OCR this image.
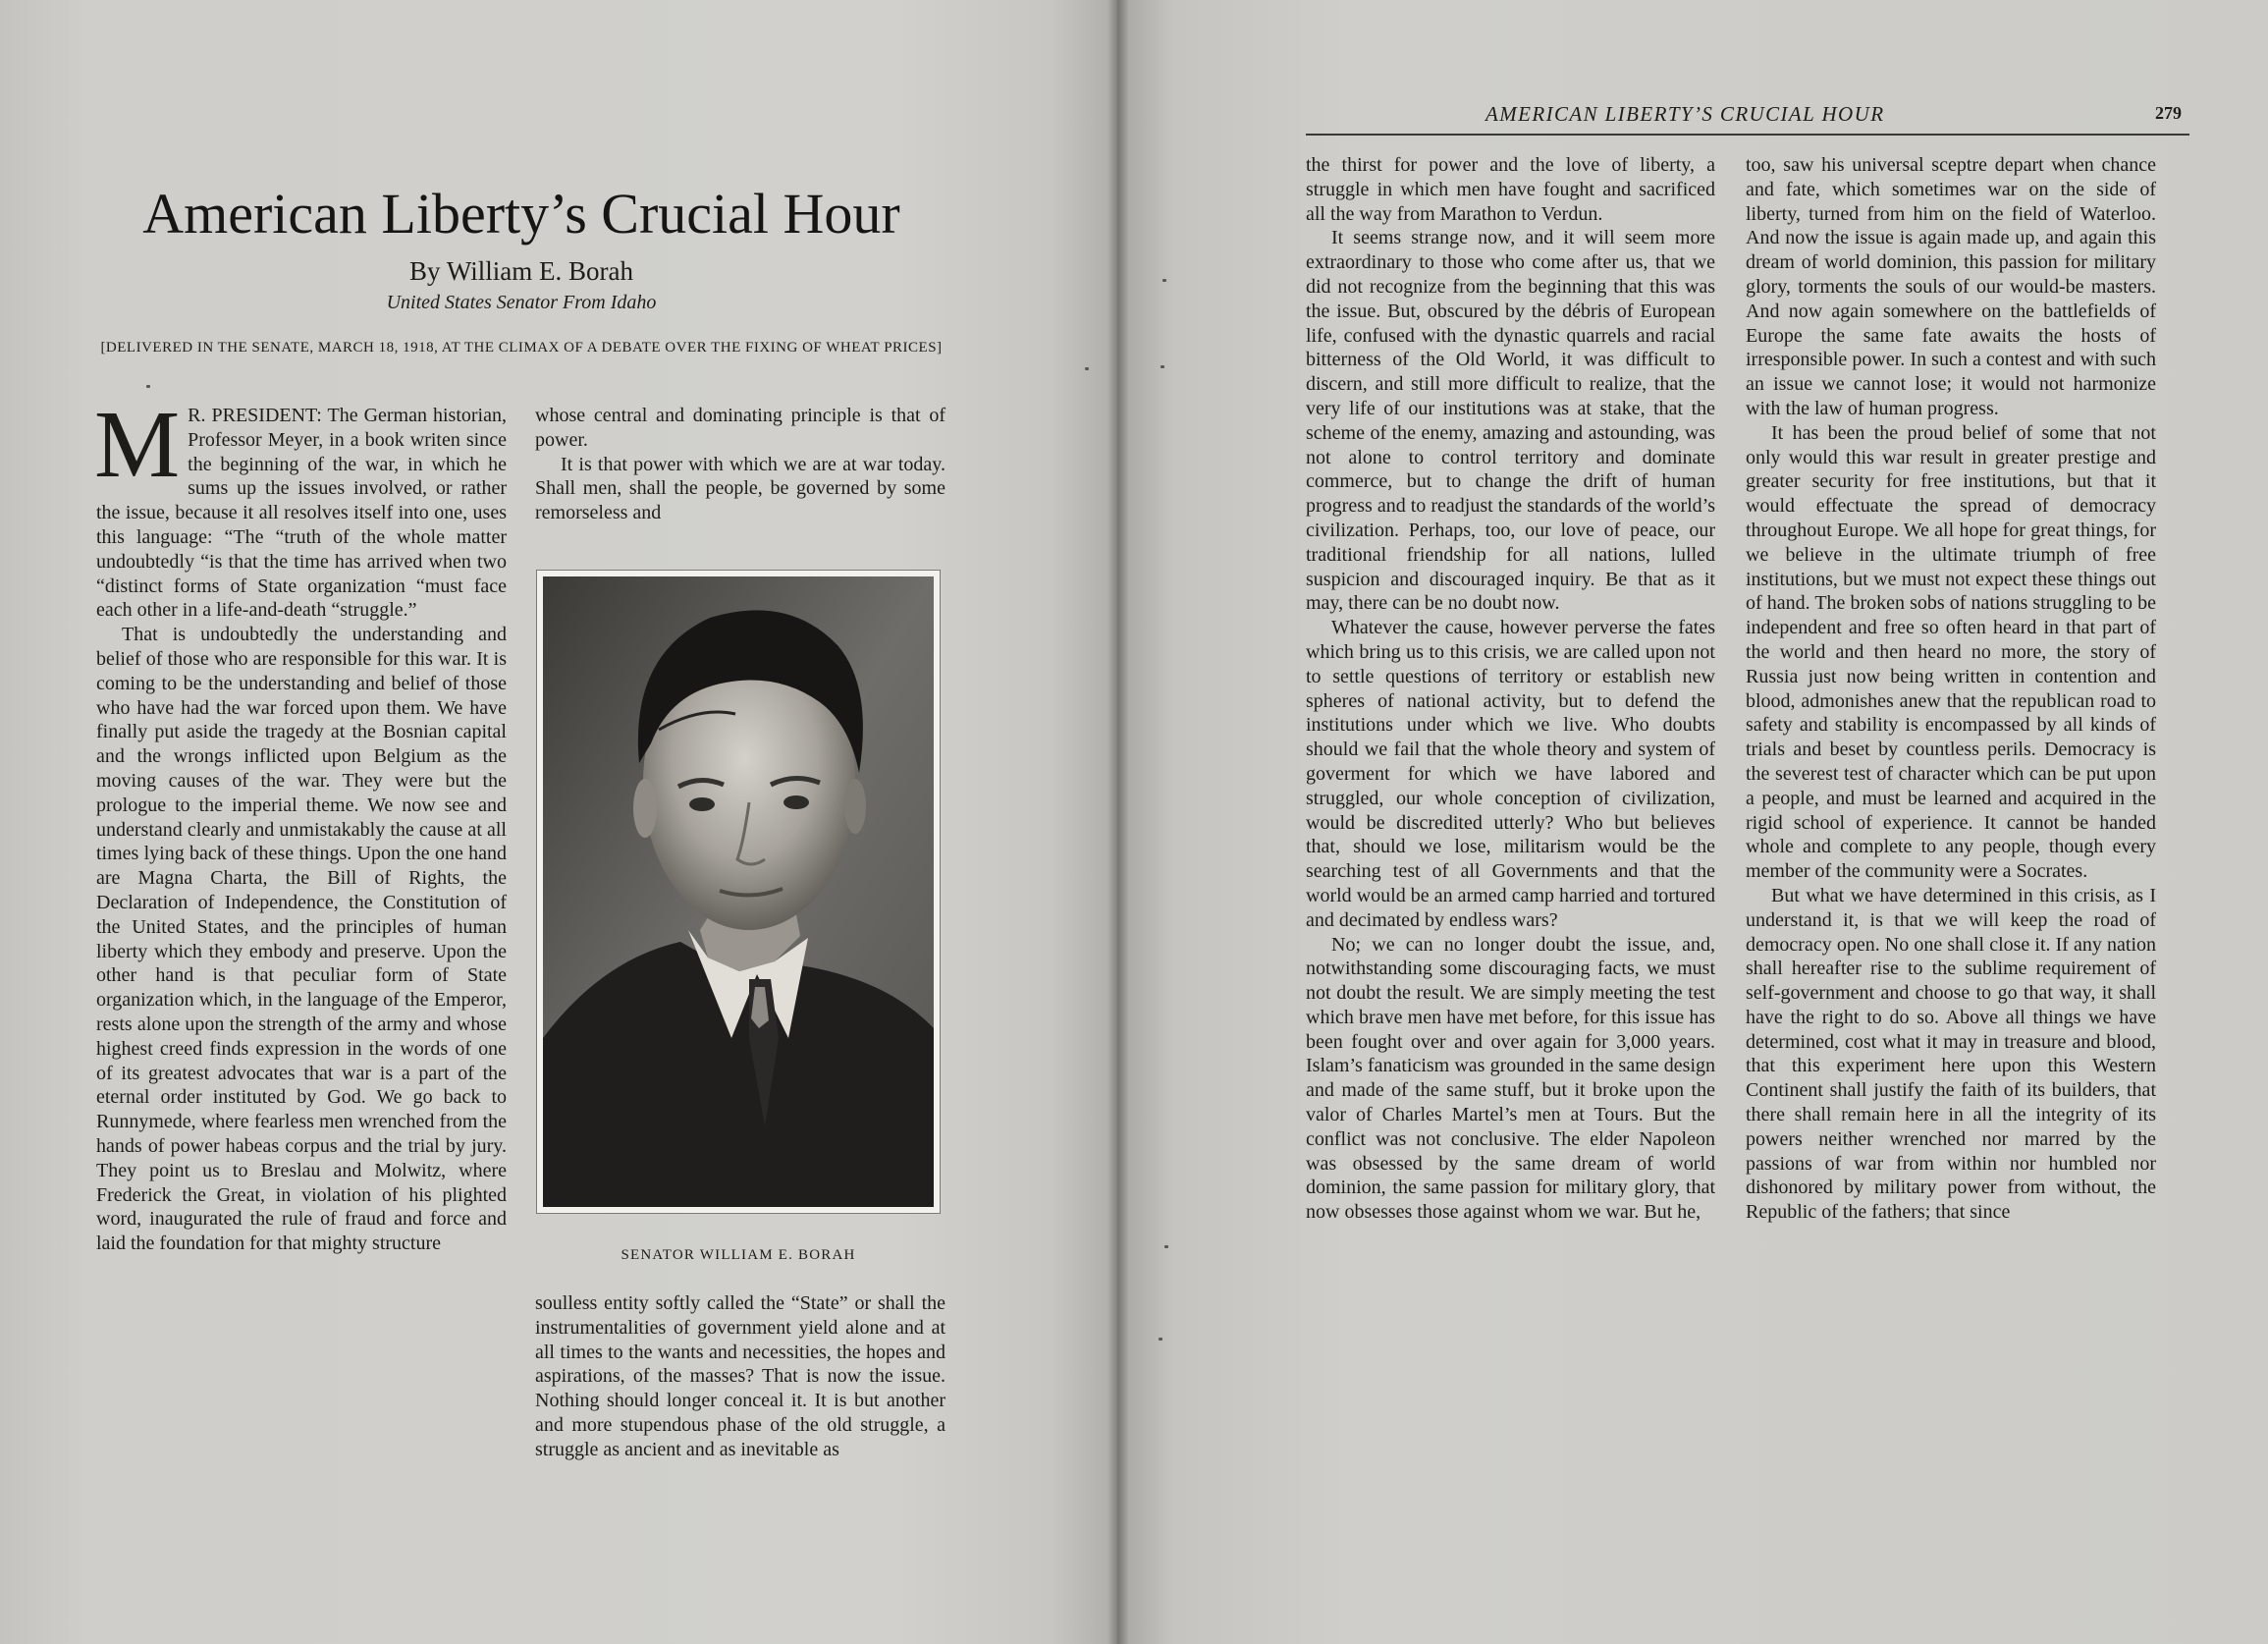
American Liberty’s Crucial Hour
By William E. Borah
United States Senator From Idaho
[DELIVERED IN THE SENATE, MARCH 18, 1918, AT THE CLIMAX OF A DEBATE OVER THE FIXING OF WHEAT PRICES]

M R. PRESIDENT: The German historian, Professor Meyer, in a book writen since the beginning of the war, in which he sums up the issues involved, or rather the issue, because it all resolves itself into one, uses this language: “The “truth of the whole matter undoubtedly “is that the time has arrived when two “distinct forms of State organization “must face each other in a life-and-death “struggle.”

That is undoubtedly the understanding and belief of those who are responsible for this war. It is coming to be the understanding and belief of those who have had the war forced upon them. We have finally put aside the tragedy at the Bosnian capital and the wrongs inflicted upon Belgium as the moving causes of the war. They were but the prologue to the imperial theme. We now see and understand clearly and unmistakably the cause at all times lying back of these things. Upon the one hand are Magna Charta, the Bill of Rights, the Declaration of Independence, the Constitution of the United States, and the principles of human liberty which they embody and preserve. Upon the other hand is that peculiar form of State organization which, in the language of the Emperor, rests alone upon the strength of the army and whose highest creed finds expression in the words of one of its greatest advocates that war is a part of the eternal order instituted by God. We go back to Runnymede, where fearless men wrenched from the hands of power habeas corpus and the trial by jury. They point us to Breslau and Molwitz, where Frederick the Great, in violation of his plighted word, inaugurated the rule of fraud and force and laid the foundation for that mighty structure

whose central and dominating principle is that of power.

It is that power with which we are at war today. Shall men, shall the people, be governed by some remorseless and

SENATOR WILLIAM E. BORAH

soulless entity softly called the “State” or shall the instrumentalities of government yield alone and at all times to the wants and necessities, the hopes and aspirations, of the masses? That is now the issue. Nothing should longer conceal it. It is but another and more stupendous phase of the old struggle, a struggle as ancient and as inevitable as

AMERICAN LIBERTY’S CRUCIAL HOUR	279

the thirst for power and the love of liberty, a struggle in which men have fought and sacrificed all the way from Marathon to Verdun.

It seems strange now, and it will seem more extraordinary to those who come after us, that we did not recognize from the beginning that this was the issue. But, obscured by the débris of European life, confused with the dynastic quarrels and racial bitterness of the Old World, it was difficult to discern, and still more difficult to realize, that the very life of our institutions was at stake, that the scheme of the enemy, amazing and astounding, was not alone to control territory and dominate commerce, but to change the drift of human progress and to readjust the standards of the world’s civilization. Perhaps, too, our love of peace, our traditional friendship for all nations, lulled suspicion and discouraged inquiry. Be that as it may, there can be no doubt now.

Whatever the cause, however perverse the fates which bring us to this crisis, we are called upon not to settle questions of territory or establish new spheres of national activity, but to defend the institutions under which we live. Who doubts should we fail that the whole theory and system of goverment for which we have labored and struggled, our whole conception of civilization, would be discredited utterly? Who but believes that, should we lose, militarism would be the searching test of all Governments and that the world would be an armed camp harried and tortured and decimated by endless wars?

No; we can no longer doubt the issue, and, notwithstanding some discouraging facts, we must not doubt the result. We are simply meeting the test which brave men have met before, for this issue has been fought over and over again for 3,000 years. Islam’s fanaticism was grounded in the same design and made of the same stuff, but it broke upon the valor of Charles Martel’s men at Tours. But the conflict was not conclusive. The elder Napoleon was obsessed by the same dream of world dominion, the same passion for military glory, that now obsesses those against whom we war. But he,

too, saw his universal sceptre depart when chance and fate, which sometimes war on the side of liberty, turned from him on the field of Waterloo. And now the issue is again made up, and again this dream of world dominion, this passion for military glory, torments the souls of our would-be masters. And now again somewhere on the battlefields of Europe the same fate awaits the hosts of irresponsible power. In such a contest and with such an issue we cannot lose; it would not harmonize with the law of human progress.

It has been the proud belief of some that not only would this war result in greater prestige and greater security for free institutions, but that it would effectuate the spread of democracy throughout Europe. We all hope for great things, for we believe in the ultimate triumph of free institutions, but we must not expect these things out of hand. The broken sobs of nations struggling to be independent and free so often heard in that part of the world and then heard no more, the story of Russia just now being written in contention and blood, admonishes anew that the republican road to safety and stability is encompassed by all kinds of trials and beset by countless perils. Democracy is the severest test of character which can be put upon a people, and must be learned and acquired in the rigid school of experience. It cannot be handed whole and complete to any people, though every member of the community were a Socrates.

But what we have determined in this crisis, as I understand it, is that we will keep the road of democracy open. No one shall close it. If any nation shall hereafter rise to the sublime requirement of self-government and choose to go that way, it shall have the right to do so. Above all things we have determined, cost what it may in treasure and blood, that this experiment here upon this Western Continent shall justify the faith of its builders, that there shall remain here in all the integrity of its powers neither wrenched nor marred by the passions of war from within nor humbled nor dishonored by military power from without, the Republic of the fathers; that since
